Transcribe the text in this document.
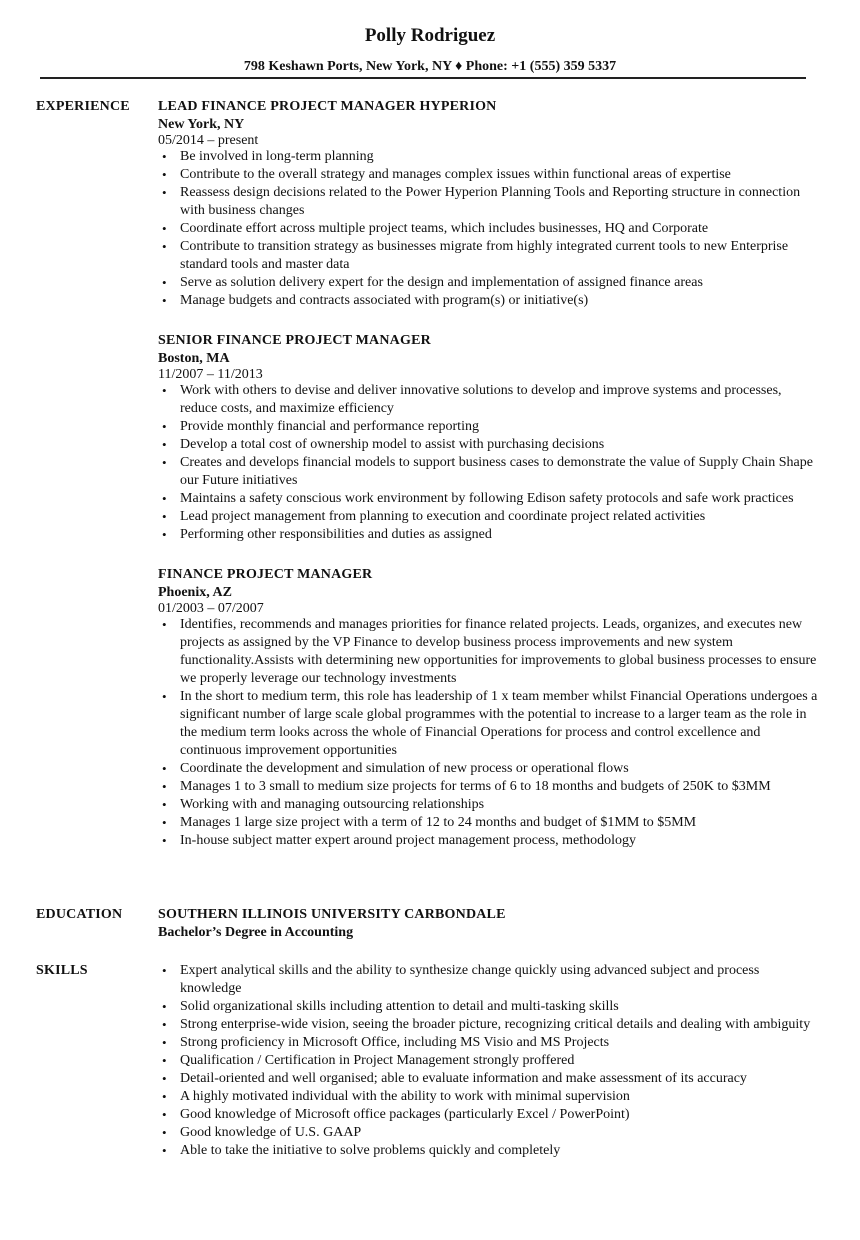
Polly Rodriguez
798 Keshawn Ports, New York, NY ♦ Phone: +1 (555) 359 5337
EXPERIENCE LEAD FINANCE PROJECT MANAGER HYPERION
New York, NY
05/2014 – present
• Be involved in long-term planning
• Contribute to the overall strategy and manages complex issues within functional areas of expertise
• Reassess design decisions related to the Power Hyperion Planning Tools and Reporting structure in connection with business changes
• Coordinate effort across multiple project teams, which includes businesses, HQ and Corporate
• Contribute to transition strategy as businesses migrate from highly integrated current tools to new Enterprise standard tools and master data
• Serve as solution delivery expert for the design and implementation of assigned finance areas
• Manage budgets and contracts associated with program(s) or initiative(s)
SENIOR FINANCE PROJECT MANAGER
Boston, MA
11/2007 – 11/2013
• Work with others to devise and deliver innovative solutions to develop and improve systems and processes, reduce costs, and maximize efficiency
• Provide monthly financial and performance reporting
• Develop a total cost of ownership model to assist with purchasing decisions
• Creates and develops financial models to support business cases to demonstrate the value of Supply Chain Shape our Future initiatives
• Maintains a safety conscious work environment by following Edison safety protocols and safe work practices
• Lead project management from planning to execution and coordinate project related activities
• Performing other responsibilities and duties as assigned
FINANCE PROJECT MANAGER
Phoenix, AZ
01/2003 – 07/2007
• Identifies, recommends and manages priorities for finance related projects. Leads, organizes, and executes new projects as assigned by the VP Finance to develop business process improvements and new system functionality.Assists with determining new opportunities for improvements to global business processes to ensure we properly leverage our technology investments
• In the short to medium term, this role has leadership of 1 x team member whilst Financial Operations undergoes a significant number of large scale global programmes with the potential to increase to a larger team as the role in the medium term looks across the whole of Financial Operations for process and control excellence and continuous improvement opportunities
• Coordinate the development and simulation of new process or operational flows
• Manages 1 to 3 small to medium size projects for terms of 6 to 18 months and budgets of 250K to $3MM
• Working with and managing outsourcing relationships
• Manages 1 large size project with a term of 12 to 24 months and budget of $1MM to $5MM
• In-house subject matter expert around project management process, methodology
EDUCATION	SOUTHERN ILLINOIS UNIVERSITY CARBONDALE
Bachelor’s Degree in Accounting
SKILLS	• Expert analytical skills and the ability to synthesize change quickly using advanced subject and process knowledge
• Solid organizational skills including attention to detail and multi-tasking skills
• Strong enterprise-wide vision, seeing the broader picture, recognizing critical details and dealing with ambiguity
• Strong proficiency in Microsoft Office, including MS Visio and MS Projects
• Qualification / Certification in Project Management strongly proffered
• Detail-oriented and well organised; able to evaluate information and make assessment of its accuracy
• A highly motivated individual with the ability to work with minimal supervision
• Good knowledge of Microsoft office packages (particularly Excel / PowerPoint)
• Good knowledge of U.S. GAAP
• Able to take the initiative to solve problems quickly and completely
